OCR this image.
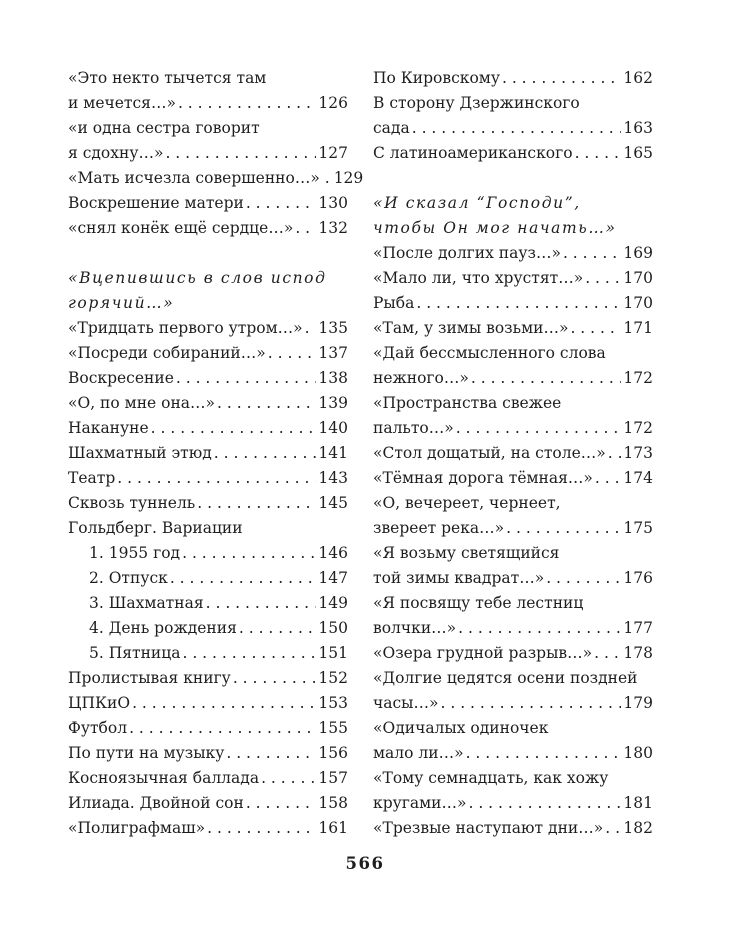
«Это некто тычется там
и мечется…» . . .	126
«и одна сестра говорит
я сдохну…» . . .	127
«Мать исчезла совершенно…» . 129
Воскрешение матери . . .	130
«снял конёк ещё сердце…» . . . 132
«Вцепившись в слов испод
горячий…»
«Тридцать первого утром…» . . . 135
«Посреди собираний…» . . .	137
Воскресение . . .	138
«О, по мне она…» . . .	139
Накануне . . .	140
Шахматный этюд . . .	141
Театр . . .	143
Сквозь туннель . . .	145
Гольдберг. Вариации
1. 1955 год . . .	146
2. Отпуск . . .	147
3. Шахматная . . .	149
4. День рождения . . .	150
5. Пятница . . .	151
Пролистывая книгу . . .	152
ЦПКиО . . .	153
Футбол . . .	155
По пути на музыку . . .	156
Косноязычная баллада . . .	157
Илиада. Двойной сон . . .	158
«Полиграфмаш» . . .	161
По Кировскому . . .	162
В сторону Дзержинского
сада . . .	163
С латиноамериканского . . .	165
«И сказал “Господи”,
чтобы Он мог начать…»
«После долгих пауз…» . . .	169
«Мало ли, что хрустят…» . . .	170
Рыба . . .	170
«Там, у зимы возьми…» . . .	171
«Дай бессмысленного слова
нежного…» . . .	172
«Пространства свежее
пальто…» . . .	172
«Стол дощатый, на столе…» . . . 173
«Тёмная дорога тёмная…» . . . 174
«О, вечереет, чернеет,
звереет река…» . . .	175
«Я возьму светящийся
той зимы квадрат…» . . .	176
«Я посвящу тебе лестниц
волчки…» . . .	177
«Озера грудной разрыв…» . . . 178
«Долгие цедятся осени поздней
часы…» . . .	179
«Одичалых одиночек
мало ли…» . . .	180
«Тому семнадцать, как хожу
кругами…» . . .	181
«Трезвые наступают дни…» . . . 182
566
